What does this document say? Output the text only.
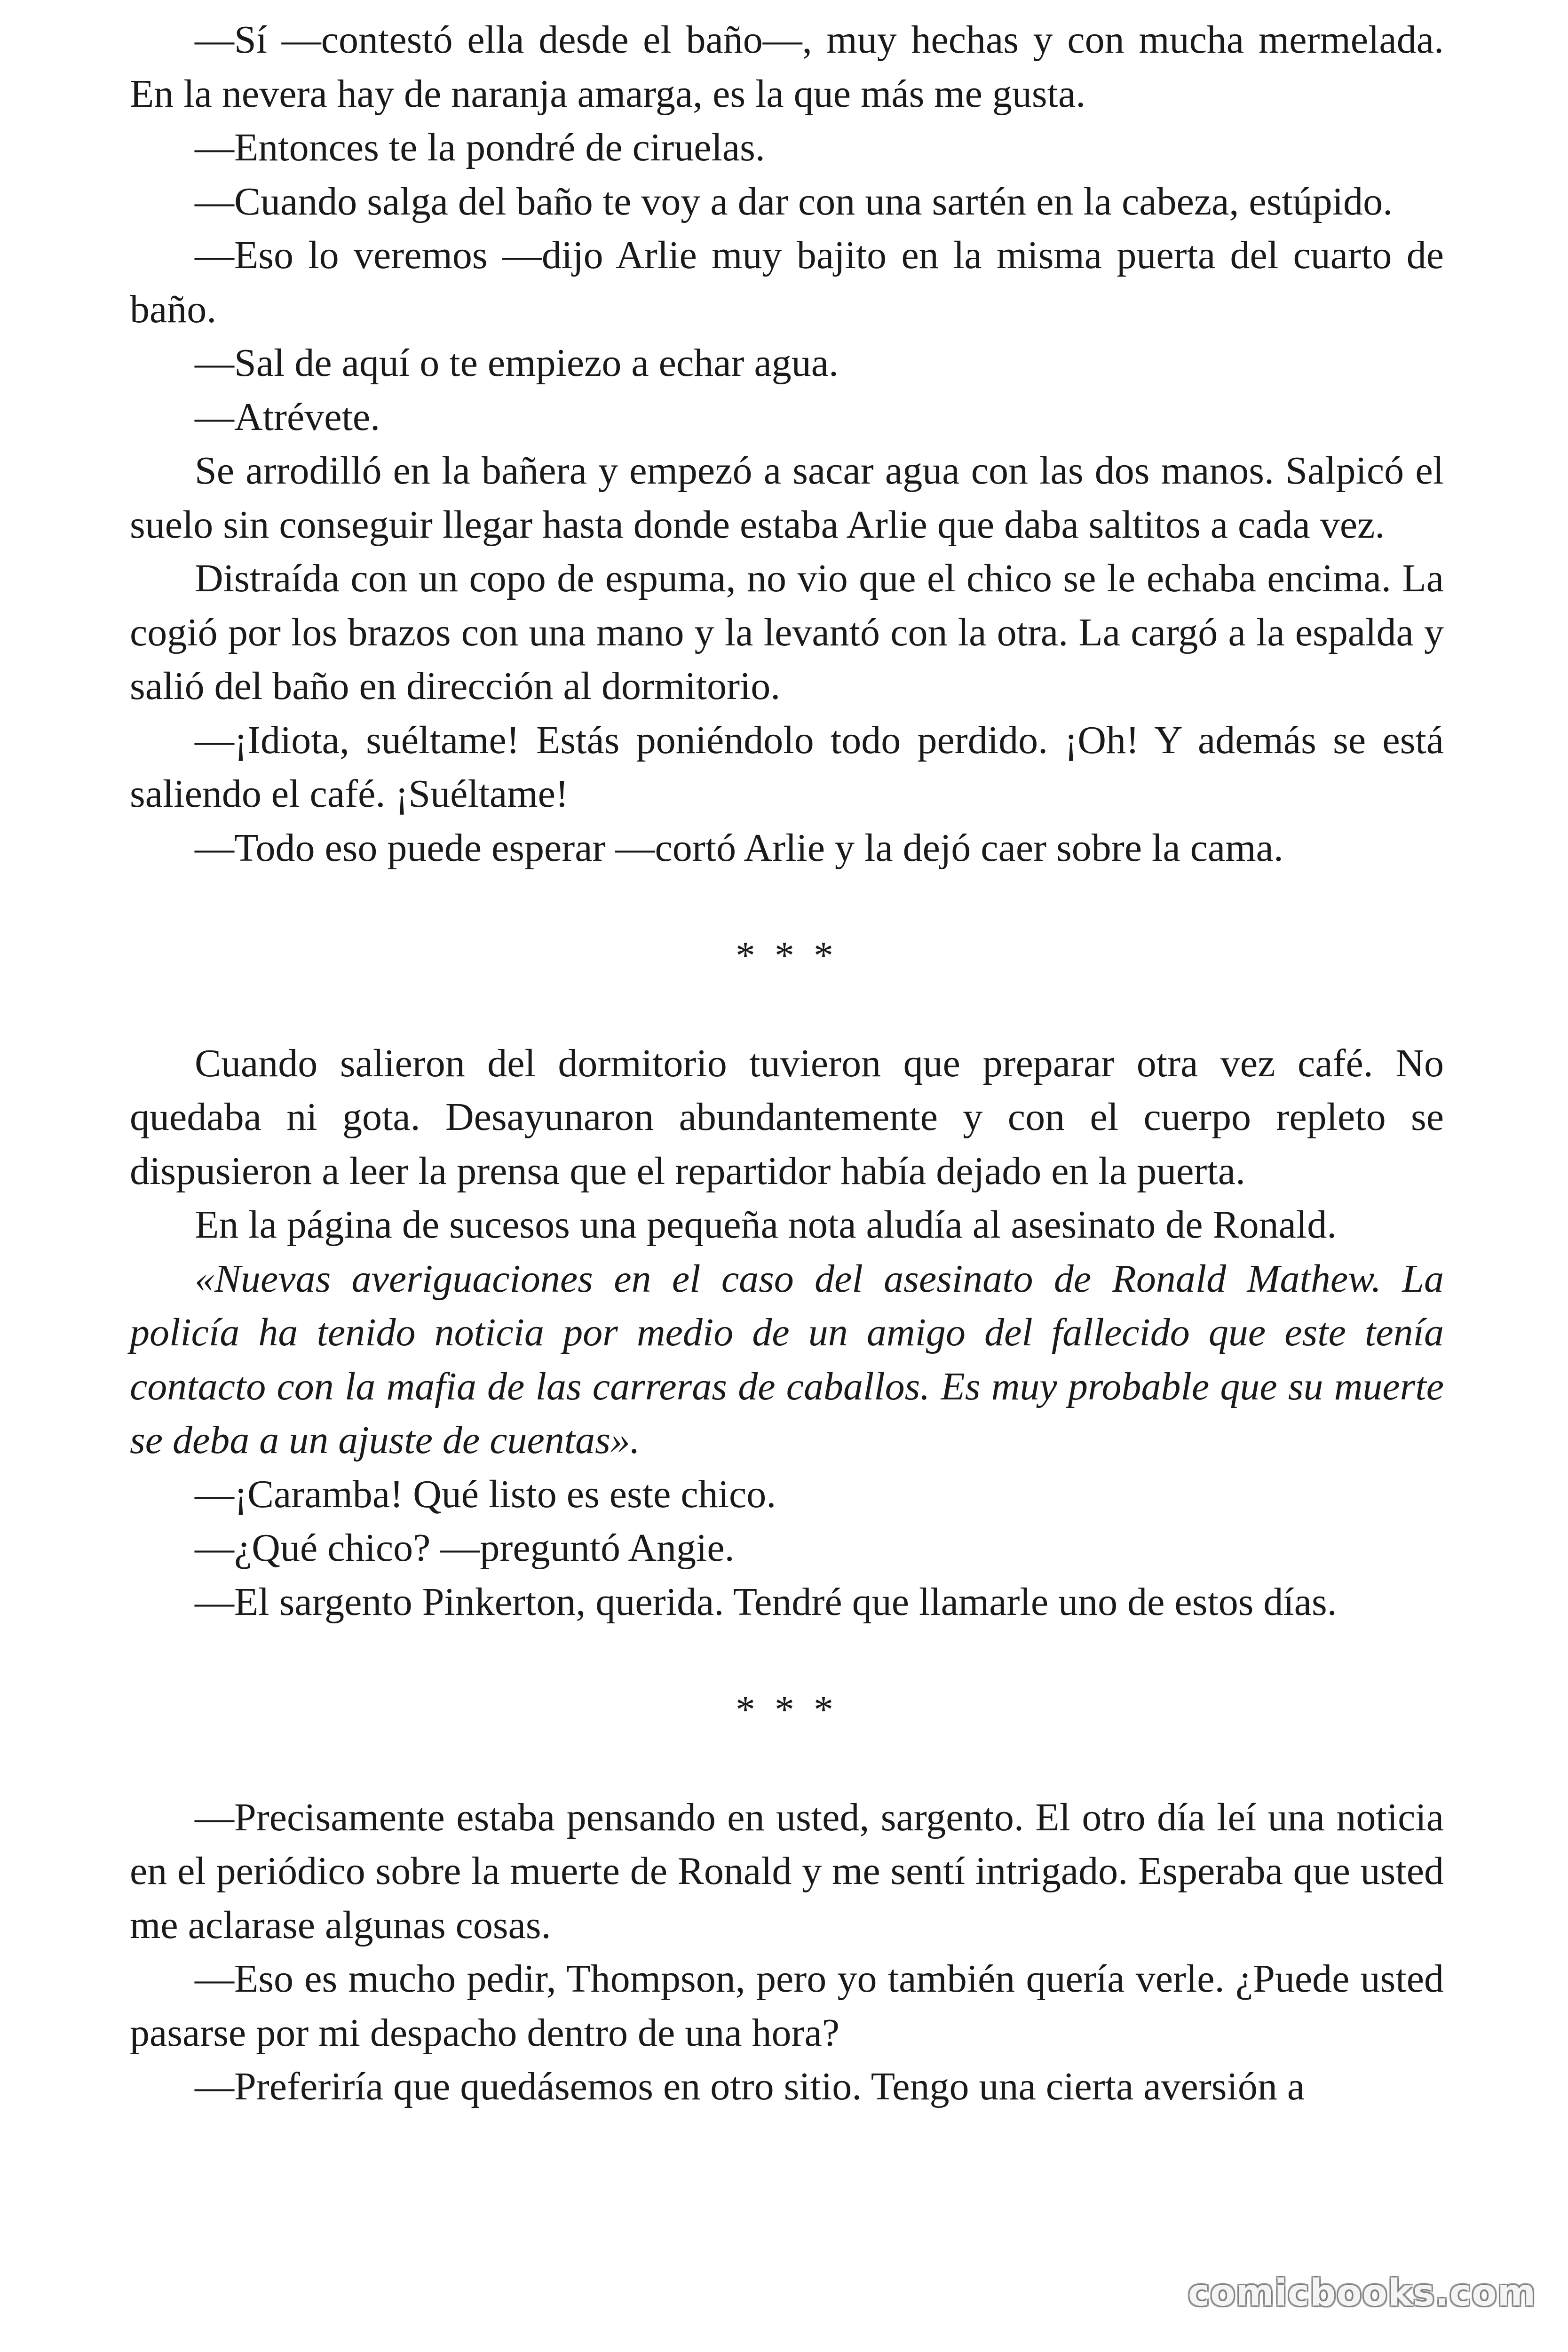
—Sí —contestó ella desde el baño—, muy hechas y con mucha mermelada. En la nevera hay de naranja amarga, es la que más me gusta.

—Entonces te la pondré de ciruelas.

—Cuando salga del baño te voy a dar con una sartén en la cabeza, estúpido.

—Eso lo veremos —dijo Arlie muy bajito en la misma puerta del cuarto de baño.

—Sal de aquí o te empiezo a echar agua.

—Atrévete.

Se arrodilló en la bañera y empezó a sacar agua con las dos manos. Salpicó el suelo sin conseguir llegar hasta donde estaba Arlie que daba saltitos a cada vez.

Distraída con un copo de espuma, no vio que el chico se le echaba encima. La cogió por los brazos con una mano y la levantó con la otra. La cargó a la espalda y salió del baño en dirección al dormitorio.

—¡Idiota, suéltame! Estás poniéndolo todo perdido. ¡Oh! Y además se está saliendo el café. ¡Suéltame!

—Todo eso puede esperar —cortó Arlie y la dejó caer sobre la cama.

* * *

Cuando salieron del dormitorio tuvieron que preparar otra vez café. No quedaba ni gota. Desayunaron abundantemente y con el cuerpo repleto se dispusieron a leer la prensa que el repartidor había dejado en la puerta.

En la página de sucesos una pequeña nota aludía al asesinato de Ronald.

«Nuevas averiguaciones en el caso del asesinato de Ronald Mathew. La policía ha tenido noticia por medio de un amigo del fallecido que este tenía contacto con la mafia de las carreras de caballos. Es muy probable que su muerte se deba a un ajuste de cuentas».

—¡Caramba! Qué listo es este chico.

—¿Qué chico? —preguntó Angie.

—El sargento Pinkerton, querida. Tendré que llamarle uno de estos días.

* * *

—Precisamente estaba pensando en usted, sargento. El otro día leí una noticia en el periódico sobre la muerte de Ronald y me sentí intrigado. Esperaba que usted me aclarase algunas cosas.

—Eso es mucho pedir, Thompson, pero yo también quería verle. ¿Puede usted pasarse por mi despacho dentro de una hora?

—Preferiría que quedásemos en otro sitio. Tengo una cierta aversión a

comicbooks.com
